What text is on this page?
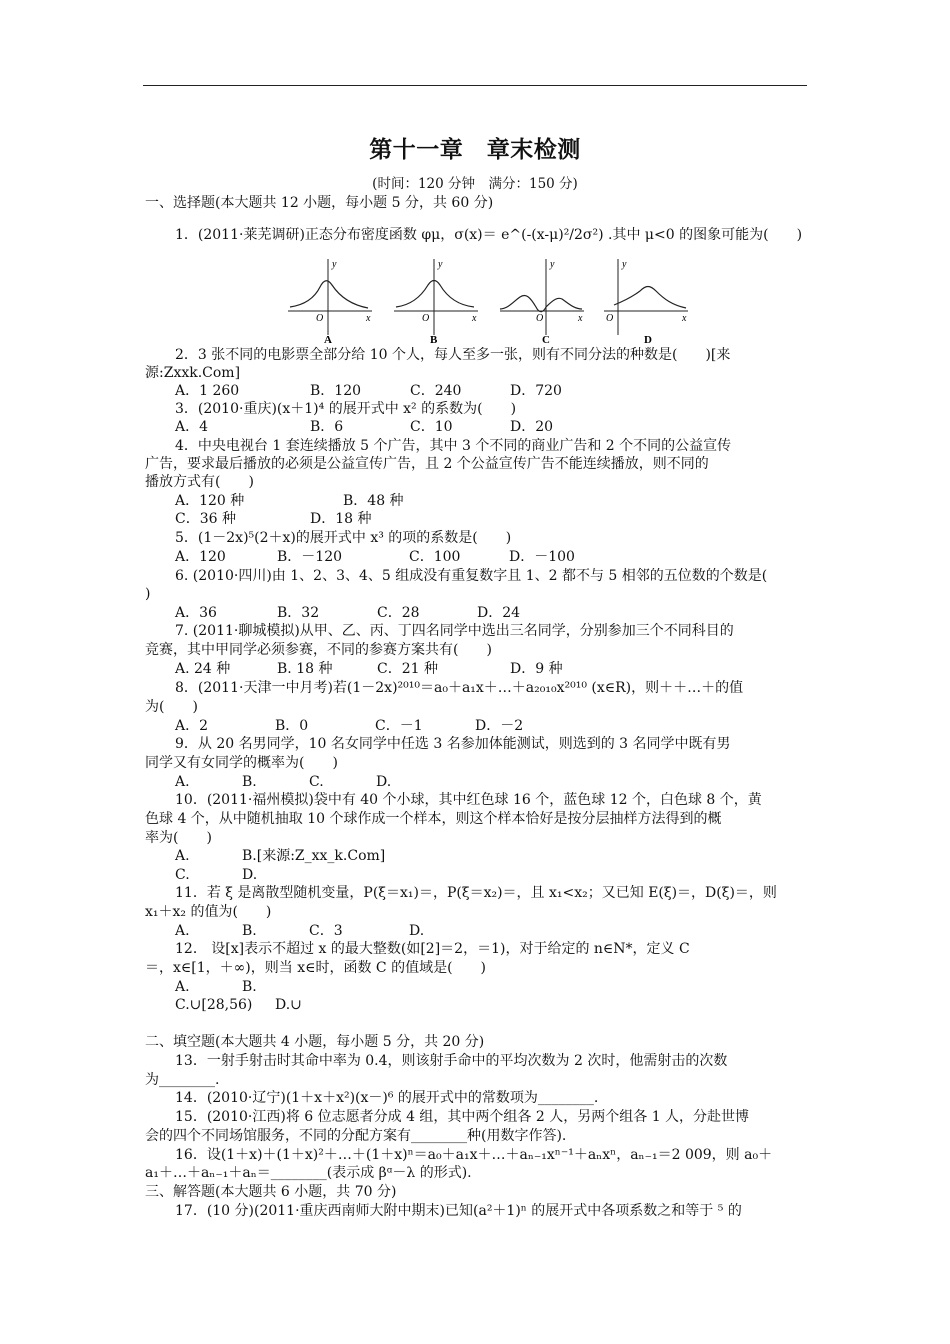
第十一章　章末检测
(时间：120 分钟　满分：150 分)
一、选择题(本大题共 12 小题，每小题 5 分，共 60 分)
1．(2011·莱芜调研)正态分布密度函数 φμ，σ(x)＝ e^(-(x-μ)²/2σ²) .其中 μ<0 的图象可能为(　　)
y
x
O
A
y
x
O
B
y
x
O
C
y
x
O
D
2．3 张不同的电影票全部分给 10 个人，每人至多一张，则有不同分法的种数是(　　)[来
源:Zxxk.Com]
A．1 260	B．120	C．240	D．720
3．(2010·重庆)(x＋1)⁴ 的展开式中 x² 的系数为(　　)
A．4	B．6	C．10	D．20
4．中央电视台 1 套连续播放 5 个广告，其中 3 个不同的商业广告和 2 个不同的公益宣传
广告，要求最后播放的必须是公益宣传广告，且 2 个公益宣传广告不能连续播放，则不同的
播放方式有(　　)
A．120 种	B．48 种
C．36 种	D．18 种
5．(1－2x)⁵(2＋x)的展开式中 x³ 的项的系数是(　　)
A．120	B．－120	C．100	D．－100
6. (2010·四川)由 1、2、3、4、5 组成没有重复数字且 1、2 都不与 5 相邻的五位数的个数是(
)
A．36	B．32	C．28	D．24
7. (2011·聊城模拟)从甲、乙、丙、丁四名同学中选出三名同学，分别参加三个不同科目的
竞赛，其中甲同学必须参赛，不同的参赛方案共有(　　)
A. 24 种	B. 18 种	C．21 种	D．9 种
8．(2011·天津一中月考)若(1－2x)²⁰¹⁰＝a₀＋a₁x＋…＋a₂₀₁₀x²⁰¹⁰ (x∈R)，则＋＋…＋的值
为(　　)
A．2	B．0	C．－1	D．－2
9．从 20 名男同学，10 名女同学中任选 3 名参加体能测试，则选到的 3 名同学中既有男
同学又有女同学的概率为(　　)
A.	B.	C.	D.
10．(2011·福州模拟)袋中有 40 个小球，其中红色球 16 个，蓝色球 12 个，白色球 8 个，黄
色球 4 个，从中随机抽取 10 个球作成一个样本，则这个样本恰好是按分层抽样方法得到的概
率为(　　)
A.	B.[来源:Z_xx_k.Com]
C.	D.
11．若 ξ 是离散型随机变量，P(ξ＝x₁)＝，P(ξ＝x₂)＝，且 x₁<x₂；又已知 E(ξ)＝，D(ξ)＝，则
x₁＋x₂ 的值为(　　)
A.	B.	C．3	D.
12． 设[x]表示不超过 x 的最大整数(如[2]＝2，＝1)，对于给定的 n∈N*，定义 C
＝，x∈[1，＋∞)，则当 x∈时，函数 C 的值域是(　　)
A.	B.
C.∪[28,56) D.∪
二、填空题(本大题共 4 小题，每小题 5 分，共 20 分)
13．一射手射击时其命中率为 0.4，则该射手命中的平均次数为 2 次时，他需射击的次数
为________.
14．(2010·辽宁)(1＋x＋x²)(x－)⁶ 的展开式中的常数项为________.
15．(2010·江西)将 6 位志愿者分成 4 组，其中两个组各 2 人，另两个组各 1 人，分赴世博
会的四个不同场馆服务，不同的分配方案有________种(用数字作答).
16．设(1＋x)＋(1＋x)²＋…＋(1＋x)ⁿ＝a₀＋a₁x＋…＋aₙ₋₁xⁿ⁻¹＋aₙxⁿ，aₙ₋₁＝2 009，则 a₀＋
a₁＋…＋aₙ₋₁＋aₙ＝________(表示成 βᵅ－λ 的形式).
三、解答题(本大题共 6 小题，共 70 分)
17．(10 分)(2011·重庆西南师大附中期末)已知(a²＋1)ⁿ 的展开式中各项系数之和等于 ⁵ 的
